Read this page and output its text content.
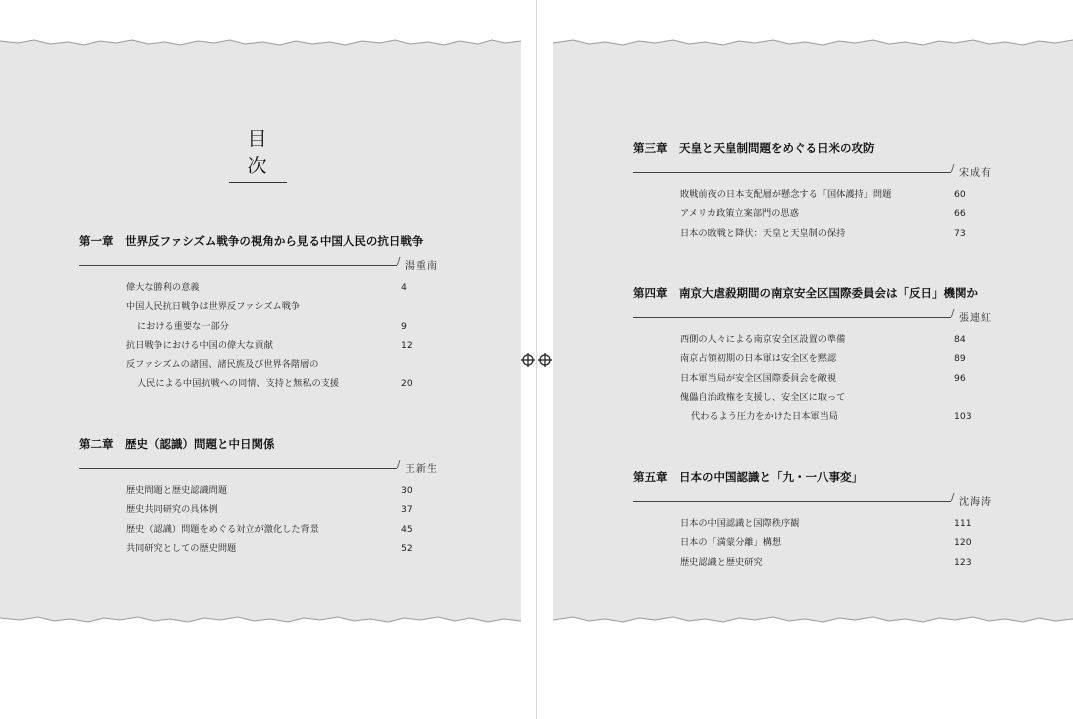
目　次
第一章 世界反ファシズム戦争の視角から見る中国人民の抗日戦争
/ 湯重南
偉大な勝利の意義	4
中国人民抗日戦争は世界反ファシズム戦争
における重要な一部分	9
抗日戦争における中国の偉大な貢献	12
反ファシズムの諸国、諸民族及び世界各階層の
人民による中国抗戦への同情、支持と無私の支援	20
第二章 歴史（認識）問題と中日関係
/ 王新生
歴史問題と歴史認識問題	30
歴史共同研究の具体例	37
歴史（認識）問題をめぐる対立が激化した背景	45
共同研究としての歴史問題	52
第三章 天皇と天皇制問題をめぐる日米の攻防
/ 宋成有
敗戦前夜の日本支配層が懸念する「国体護持」問題	60
アメリカ政策立案部門の思惑	66
日本の敗戦と降伏：天皇と天皇制の保持	73
第四章 南京大虐殺期間の南京安全区国際委員会は「反日」機関か
/ 張連紅
西側の人々による南京安全区設置の準備	84
南京占領初期の日本軍は安全区を黙認	89
日本軍当局が安全区国際委員会を敵視	96
傀儡自治政権を支援し、安全区に取って
代わるよう圧力をかけた日本軍当局	103
第五章 日本の中国認識と「九・一八事変」
/ 沈海涛
日本の中国認識と国際秩序観	111
日本の「満蒙分離」構想	120
歴史認識と歴史研究	123
